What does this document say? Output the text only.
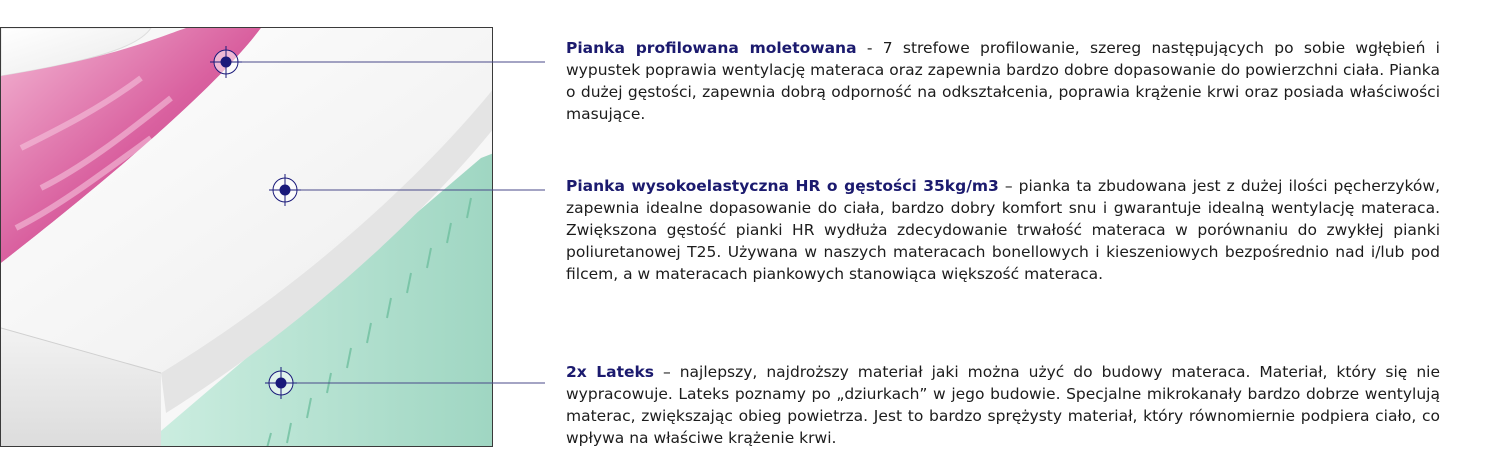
Pianka profilowana moletowana - 7 strefowe profilowanie, szereg następujących po sobie wgłębień i wypustek poprawia wentylację materaca oraz zapewnia bardzo dobre dopasowanie do powierzchni ciała. Pianka o dużej gęstości, zapewnia dobrą odporność na odkształcenia, poprawia krążenie krwi oraz posiada właściwości masujące.

Pianka wysokoelastyczna HR o gęstości 35kg/m3 – pianka ta zbudowana jest z dużej ilości pęcherzyków, zapewnia idealne dopasowanie do ciała, bardzo dobry komfort snu i gwarantuje idealną wentylację materaca. Zwiększona gęstość pianki HR wydłuża zdecydowanie trwałość materaca w porównaniu do zwykłej pianki poliuretanowej T25. Używana w naszych materacach bonellowych i kieszeniowych bezpośrednio nad i/lub pod filcem, a w materacach piankowych stanowiąca większość materaca.

2x Lateks – najlepszy, najdroższy materiał jaki można użyć do budowy materaca. Materiał, który się nie wypracowuje. Lateks poznamy po „dziurkach” w jego budowie. Specjalne mikrokanały bardzo dobrze wentylują materac, zwiększając obieg powietrza. Jest to bardzo sprężysty materiał, który równomiernie podpiera ciało, co wpływa na właściwe krążenie krwi.
